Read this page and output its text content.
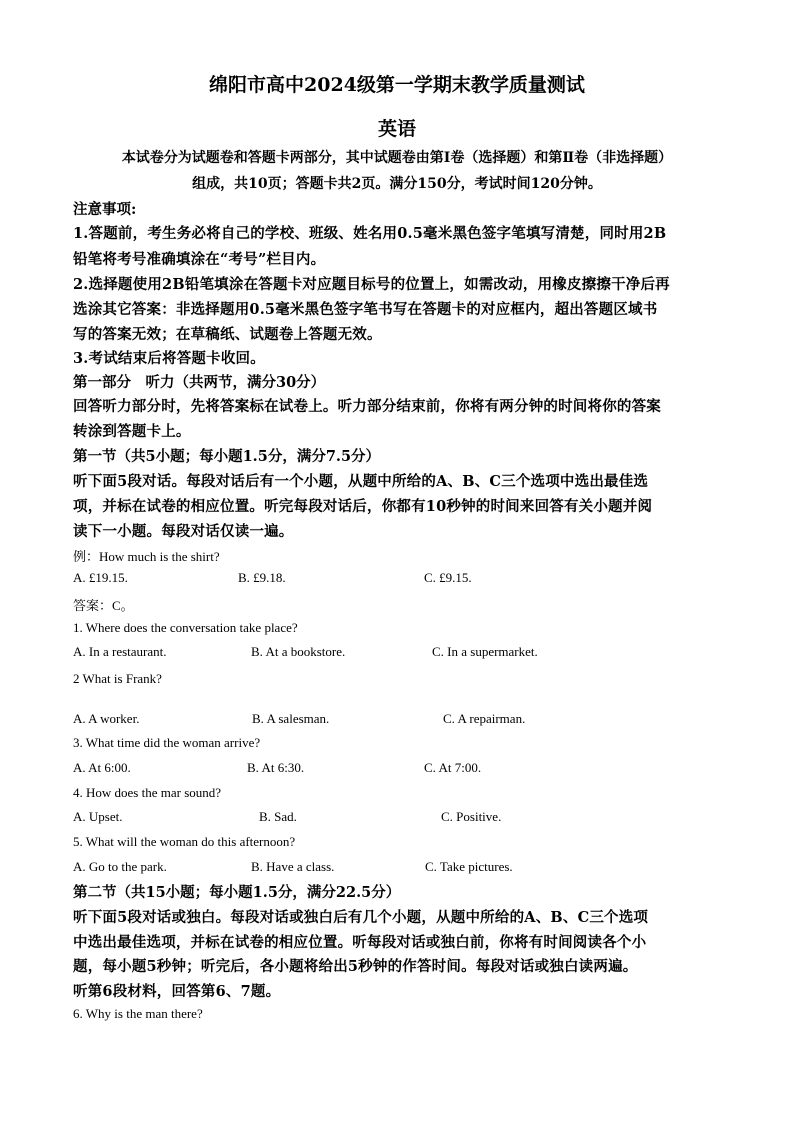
绵阳市高中2024级第一学期末教学质量测试
英语
本试卷分为试题卷和答题卡两部分，其中试题卷由第Ⅰ卷（选择题）和第Ⅱ卷（非选择题）
组成，共10页；答题卡共2页。满分150分，考试时间120分钟。
注意事项:
1.答题前，考生务必将自己的学校、班级、姓名用0.5毫米黑色签字笔填写清楚，同时用2B
铅笔将考号准确填涂在“考号”栏目内。
2.选择题使用2B铅笔填涂在答题卡对应题目标号的位置上，如需改动，用橡皮擦擦干净后再
选涂其它答案：非选择题用0.5毫米黑色签字笔书写在答题卡的对应框内，超出答题区域书
写的答案无效；在草稿纸、试题卷上答题无效。
3.考试结束后将答题卡收回。
第一部分　听力（共两节，满分30分）
回答听力部分时，先将答案标在试卷上。听力部分结束前，你将有两分钟的时间将你的答案
转涂到答题卡上。
第一节（共5小题；每小题1.5分，满分7.5分）
听下面5段对话。每段对话后有一个小题，从题中所给的A、B、C三个选项中选出最佳选
项，并标在试卷的相应位置。听完每段对话后，你都有10秒钟的时间来回答有关小题并阅
读下一小题。每段对话仅读一遍。
例：How much is the shirt?
A. £19.15.	B. £9.18.	C. £9.15.
答案：C。
1. Where does the conversation take place?
A. In a restaurant.	B. At a bookstore.	C. In a supermarket.
2 What is Frank?
A. A worker.	B. A salesman.	C. A repairman.
3. What time did the woman arrive?
A. At 6:00.	B. At 6:30.	C. At 7:00.
4. How does the mar sound?
A. Upset.	B. Sad.	C. Positive.
5. What will the woman do this afternoon?
A. Go to the park.	B. Have a class.	C. Take pictures.
第二节（共15小题；每小题1.5分，满分22.5分）
听下面5段对话或独白。每段对话或独白后有几个小题，从题中所给的A、B、C三个选项
中选出最佳选项，并标在试卷的相应位置。听每段对话或独白前，你将有时间阅读各个小
题，每小题5秒钟；听完后，各小题将给出5秒钟的作答时间。每段对话或独白读两遍。
听第6段材料，回答第6、7题。
6. Why is the man there?
